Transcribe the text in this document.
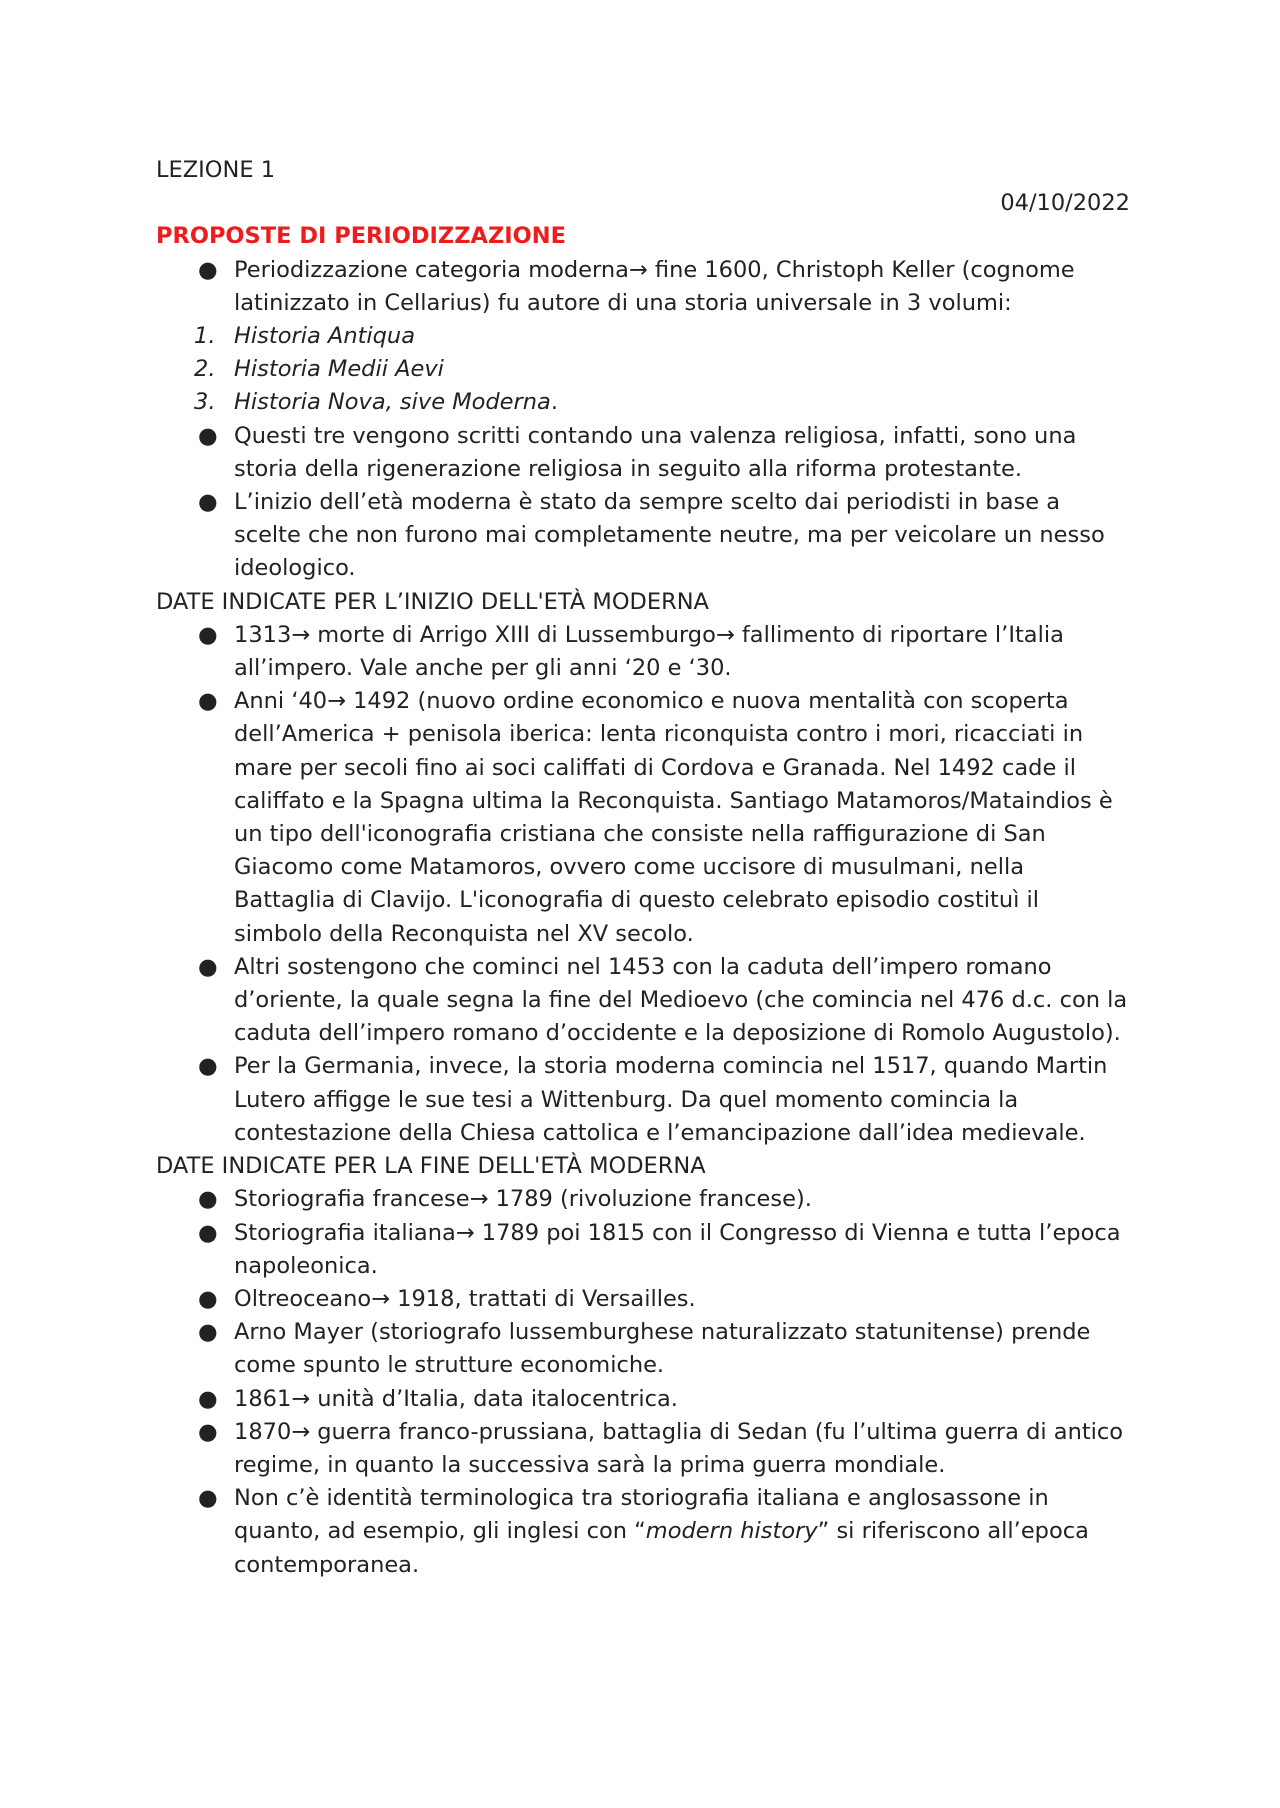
LEZIONE 1

04/10/2022

PROPOSTE DI PERIODIZZAZIONE

● Periodizzazione categoria moderna→ fine 1600, Christoph Keller (cognome latinizzato in Cellarius) fu autore di una storia universale in 3 volumi:
1. Historia Antiqua
2. Historia Medii Aevi
3. Historia Nova, sive Moderna.
● Questi tre vengono scritti contando una valenza religiosa, infatti, sono una storia della rigenerazione religiosa in seguito alla riforma protestante.
● L’inizio dell’età moderna è stato da sempre scelto dai periodisti in base a scelte che non furono mai completamente neutre, ma per veicolare un nesso ideologico.

DATE INDICATE PER L’INIZIO DELL'ETÀ MODERNA

● 1313→ morte di Arrigo XIII di Lussemburgo→ fallimento di riportare l’Italia all’impero. Vale anche per gli anni ‘20 e ‘30.
● Anni ‘40→ 1492 (nuovo ordine economico e nuova mentalità con scoperta dell’America + penisola iberica: lenta riconquista contro i mori, ricacciati in mare per secoli fino ai soci califfati di Cordova e Granada. Nel 1492 cade il califfato e la Spagna ultima la Reconquista. Santiago Matamoros/Mataindios è un tipo dell'iconografia cristiana che consiste nella raffigurazione di San Giacomo come Matamoros, ovvero come uccisore di musulmani, nella Battaglia di Clavijo. L'iconografia di questo celebrato episodio costituì il simbolo della Reconquista nel XV secolo.
● Altri sostengono che cominci nel 1453 con la caduta dell’impero romano d’oriente, la quale segna la fine del Medioevo (che comincia nel 476 d.c. con la caduta dell’impero romano d’occidente e la deposizione di Romolo Augustolo).
● Per la Germania, invece, la storia moderna comincia nel 1517, quando Martin Lutero affigge le sue tesi a Wittenburg. Da quel momento comincia la contestazione della Chiesa cattolica e l’emancipazione dall’idea medievale.

DATE INDICATE PER LA FINE DELL'ETÀ MODERNA

● Storiografia francese→ 1789 (rivoluzione francese).
● Storiografia italiana→ 1789 poi 1815 con il Congresso di Vienna e tutta l’epoca napoleonica.
● Oltreoceano→ 1918, trattati di Versailles.
● Arno Mayer (storiografo lussemburghese naturalizzato statunitense) prende come spunto le strutture economiche.
● 1861→ unità d’Italia, data italocentrica.
● 1870→ guerra franco-prussiana, battaglia di Sedan (fu l’ultima guerra di antico regime, in quanto la successiva sarà la prima guerra mondiale.
● Non c’è identità terminologica tra storiografia italiana e anglosassone in quanto, ad esempio, gli inglesi con “modern history” si riferiscono all’epoca contemporanea.
